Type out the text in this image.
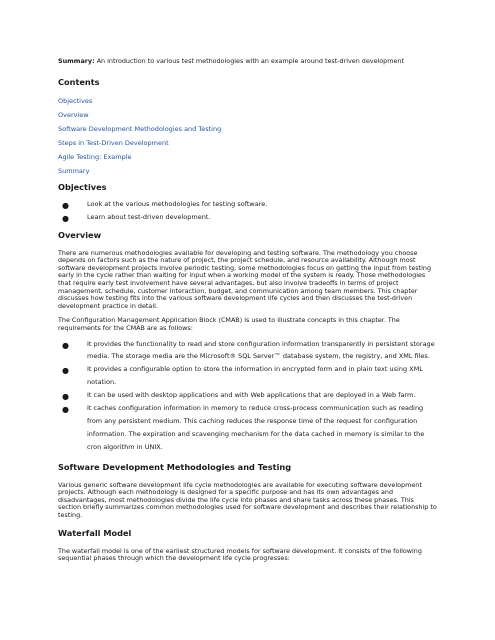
Summary: An introduction to various test methodologies with an example around test-driven development

Contents
Objectives
Overview
Software Development Methodologies and Testing
Steps in Test-Driven Development
Agile Testing: Example
Summary
Objectives
●	Look at the various methodologies for testing software.
●	Learn about test-driven development.
Overview

There are numerous methodologies available for developing and testing software. The methodology you choose depends on factors such as the nature of project, the project schedule, and resource availability. Although most software development projects involve periodic testing, some methodologies focus on getting the input from testing early in the cycle rather than waiting for input when a working model of the system is ready. Those methodologies that require early test involvement have several advantages, but also involve tradeoffs in terms of project management, schedule, customer interaction, budget, and communication among team members. This chapter discusses how testing fits into the various software development life cycles and then discusses the test-driven development practice in detail.

The Configuration Management Application Block (CMAB) is used to illustrate concepts in this chapter. The requirements for the CMAB are as follows:

●	It provides the functionality to read and store configuration information transparently in persistent storage media. The storage media are the Microsoft® SQL Server™ database system, the registry, and XML files.
●	It provides a configurable option to store the information in encrypted form and in plain text using XML notation.
●	It can be used with desktop applications and with Web applications that are deployed in a Web farm.
●	It caches configuration information in memory to reduce cross-process communication such as reading from any persistent medium. This caching reduces the response time of the request for configuration information. The expiration and scavenging mechanism for the data cached in memory is similar to the cron algorithm in UNIX.
Software Development Methodologies and Testing

Various generic software development life cycle methodologies are available for executing software development projects. Although each methodology is designed for a specific purpose and has its own advantages and disadvantages, most methodologies divide the life cycle into phases and share tasks across these phases. This section briefly summarizes common methodologies used for software development and describes their relationship to testing.

Waterfall Model

The waterfall model is one of the earliest structured models for software development. It consists of the following sequential phases through which the development life cycle progresses:
